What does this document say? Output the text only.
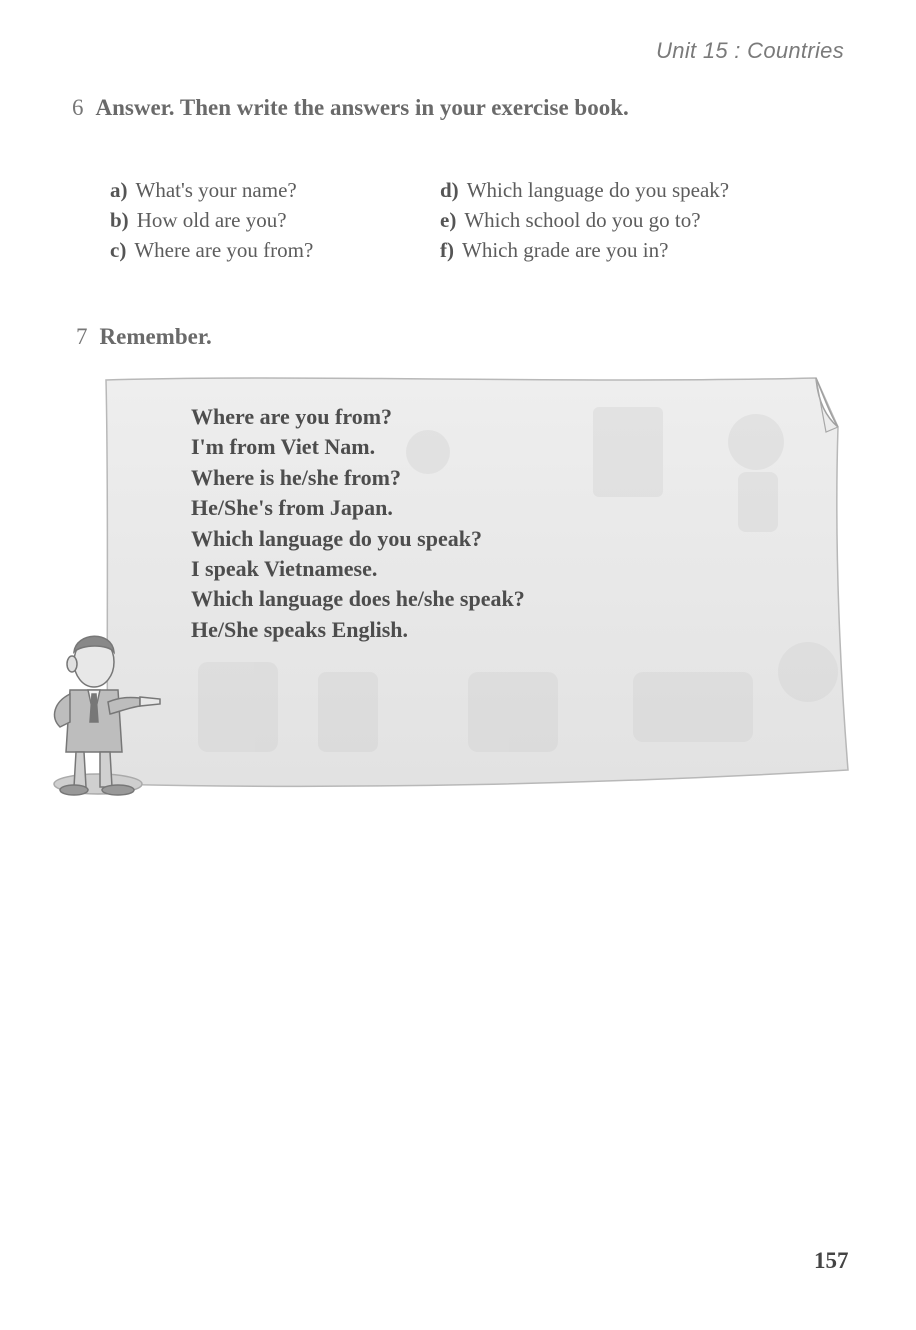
Unit 15 : Countries
6 Answer. Then write the answers in your exercise book.
a) What's your name?
b) How old are you?
c) Where are you from?
d) Which language do you speak?
e) Which school do you go to?
f) Which grade are you in?
7 Remember.
Where are you from?
I'm from Viet Nam.
Where is he/she from?
He/She's from Japan.
Which language do you speak?
I speak Vietnamese.
Which language does he/she speak?
He/She speaks English.
157
